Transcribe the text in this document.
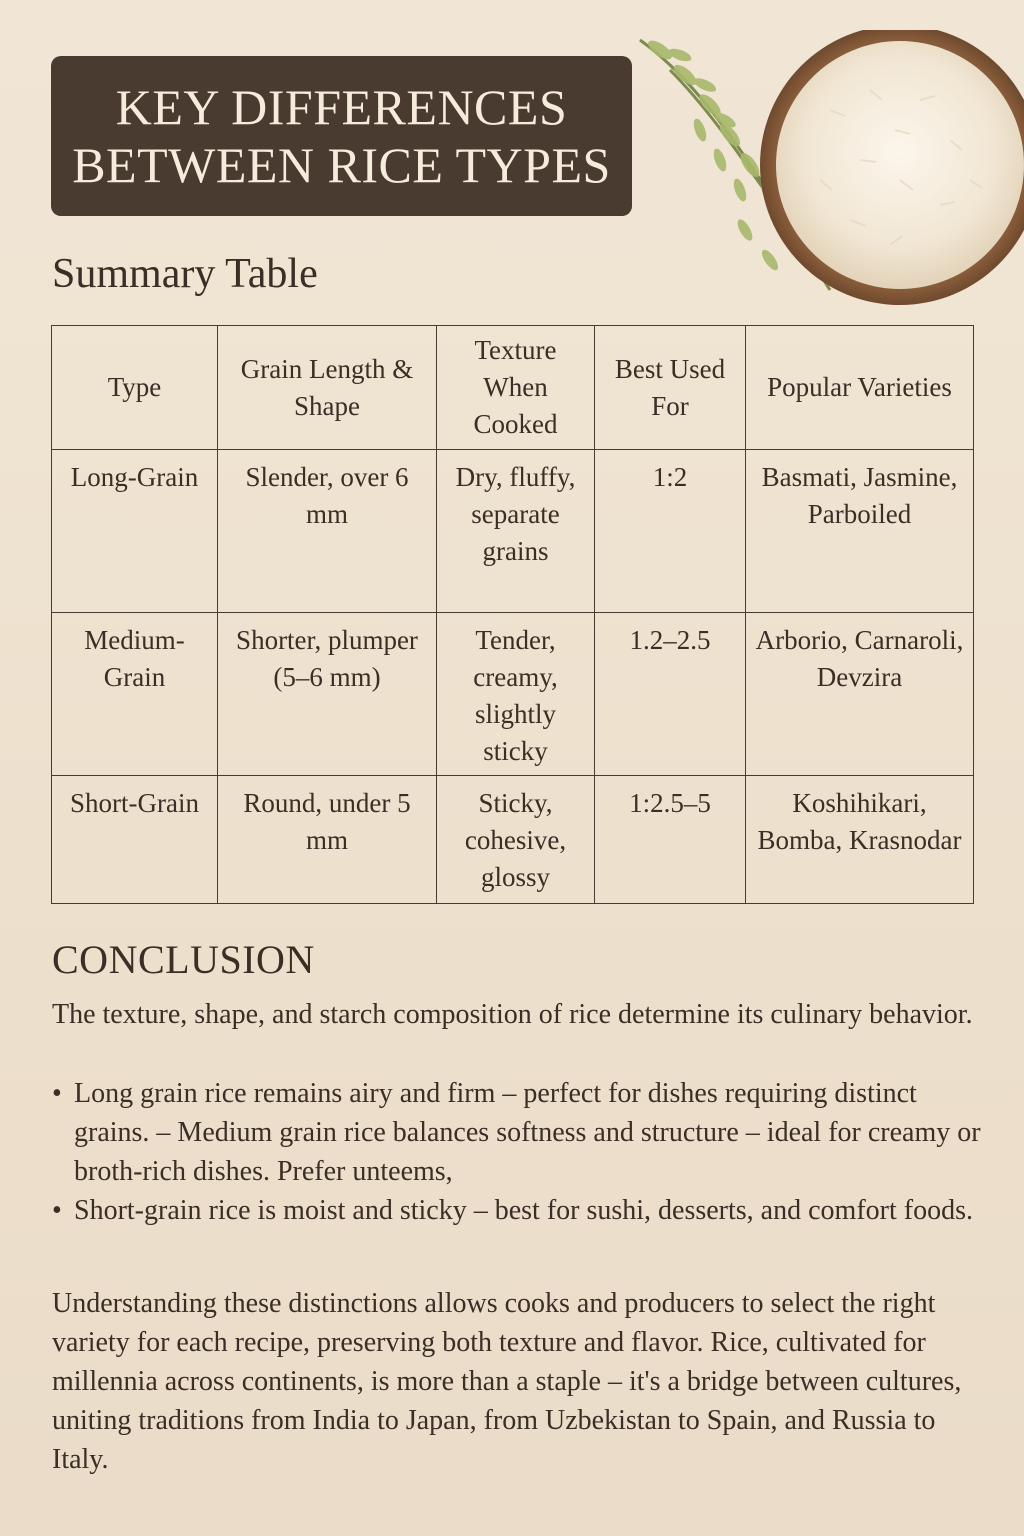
KEY DIFFERENCES
BETWEEN RICE TYPES
Summary Table
Type	Grain Length & Shape	Texture When Cooked	Best Used For	Popular Varieties
Long-Grain	Slender, over 6 mm	Dry, fluffy, separate grains	1:2	Basmati, Jasmine, Parboiled
Medium-Grain	Shorter, plumper (5–6 mm)	Tender, creamy, slightly sticky	1.2–2.5	Arborio, Carnaroli, Devzira
Short-Grain	Round, under 5 mm	Sticky, cohesive, glossy	1:2.5–5	Koshihikari, Bomba, Krasnodar
CONCLUSION

The texture, shape, and starch composition of rice determine its culinary behavior.

• Long grain rice remains airy and firm – perfect for dishes requiring distinct grains. – Medium grain rice balances softness and structure – ideal for creamy or broth-rich dishes. Prefer unteems,
• Short-grain rice is moist and sticky – best for sushi, desserts, and comfort foods.

Understanding these distinctions allows cooks and producers to select the right variety for each recipe, preserving both texture and flavor. Rice, cultivated for millennia across continents, is more than a staple – it's a bridge between cultures, uniting traditions from India to Japan, from Uzbekistan to Spain, and Russia to Italy.
